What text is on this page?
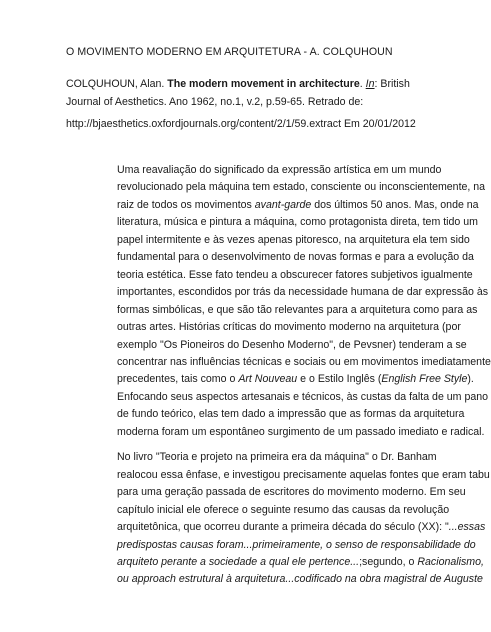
O MOVIMENTO MODERNO EM ARQUITETURA - A. COLQUHOUN
COLQUHOUN, Alan. The modern movement in architecture. In: British
Journal of Aesthetics. Ano 1962, no.1, v.2, p.59-65. Retrado de:
http://bjaesthetics.oxfordjournals.org/content/2/1/59.extract Em 20/01/2012

Uma reavaliação do significado da expressão artística em um mundo
revolucionado pela máquina tem estado, consciente ou inconscientemente, na
raiz de todos os movimentos avant-garde dos últimos 50 anos. Mas, onde na
literatura, música e pintura a máquina, como protagonista direta, tem tido um
papel intermitente e às vezes apenas pitoresco, na arquitetura ela tem sido
fundamental para o desenvolvimento de novas formas e para a evolução da
teoria estética. Esse fato tendeu a obscurecer fatores subjetivos igualmente
importantes, escondidos por trás da necessidade humana de dar expressão às
formas simbólicas, e que são tão relevantes para a arquitetura como para as
outras artes. Histórias críticas do movimento moderno na arquitetura (por
exemplo "Os Pioneiros do Desenho Moderno", de Pevsner) tenderam a se
concentrar nas influências técnicas e sociais ou em movimentos imediatamente
precedentes, tais como o Art Nouveau e o Estilo Inglês (English Free Style).
Enfocando seus aspectos artesanais e técnicos, às custas da falta de um pano
de fundo teórico, elas tem dado a impressão que as formas da arquitetura
moderna foram um espontâneo surgimento de um passado imediato e radical.

No livro "Teoria e projeto na primeira era da máquina" o Dr. Banham
realocou essa ênfase, e investigou precisamente aquelas fontes que eram tabu
para uma geração passada de escritores do movimento moderno. Em seu
capítulo inicial ele oferece o seguinte resumo das causas da revolução
arquitetônica, que ocorreu durante a primeira década do século (XX): "...essas
predispostas causas foram...primeiramente, o senso de responsabilidade do
arquiteto perante a sociedade a qual ele pertence...;segundo, o Racionalismo,
ou approach estrutural à arquitetura...codificado na obra magistral de Auguste
